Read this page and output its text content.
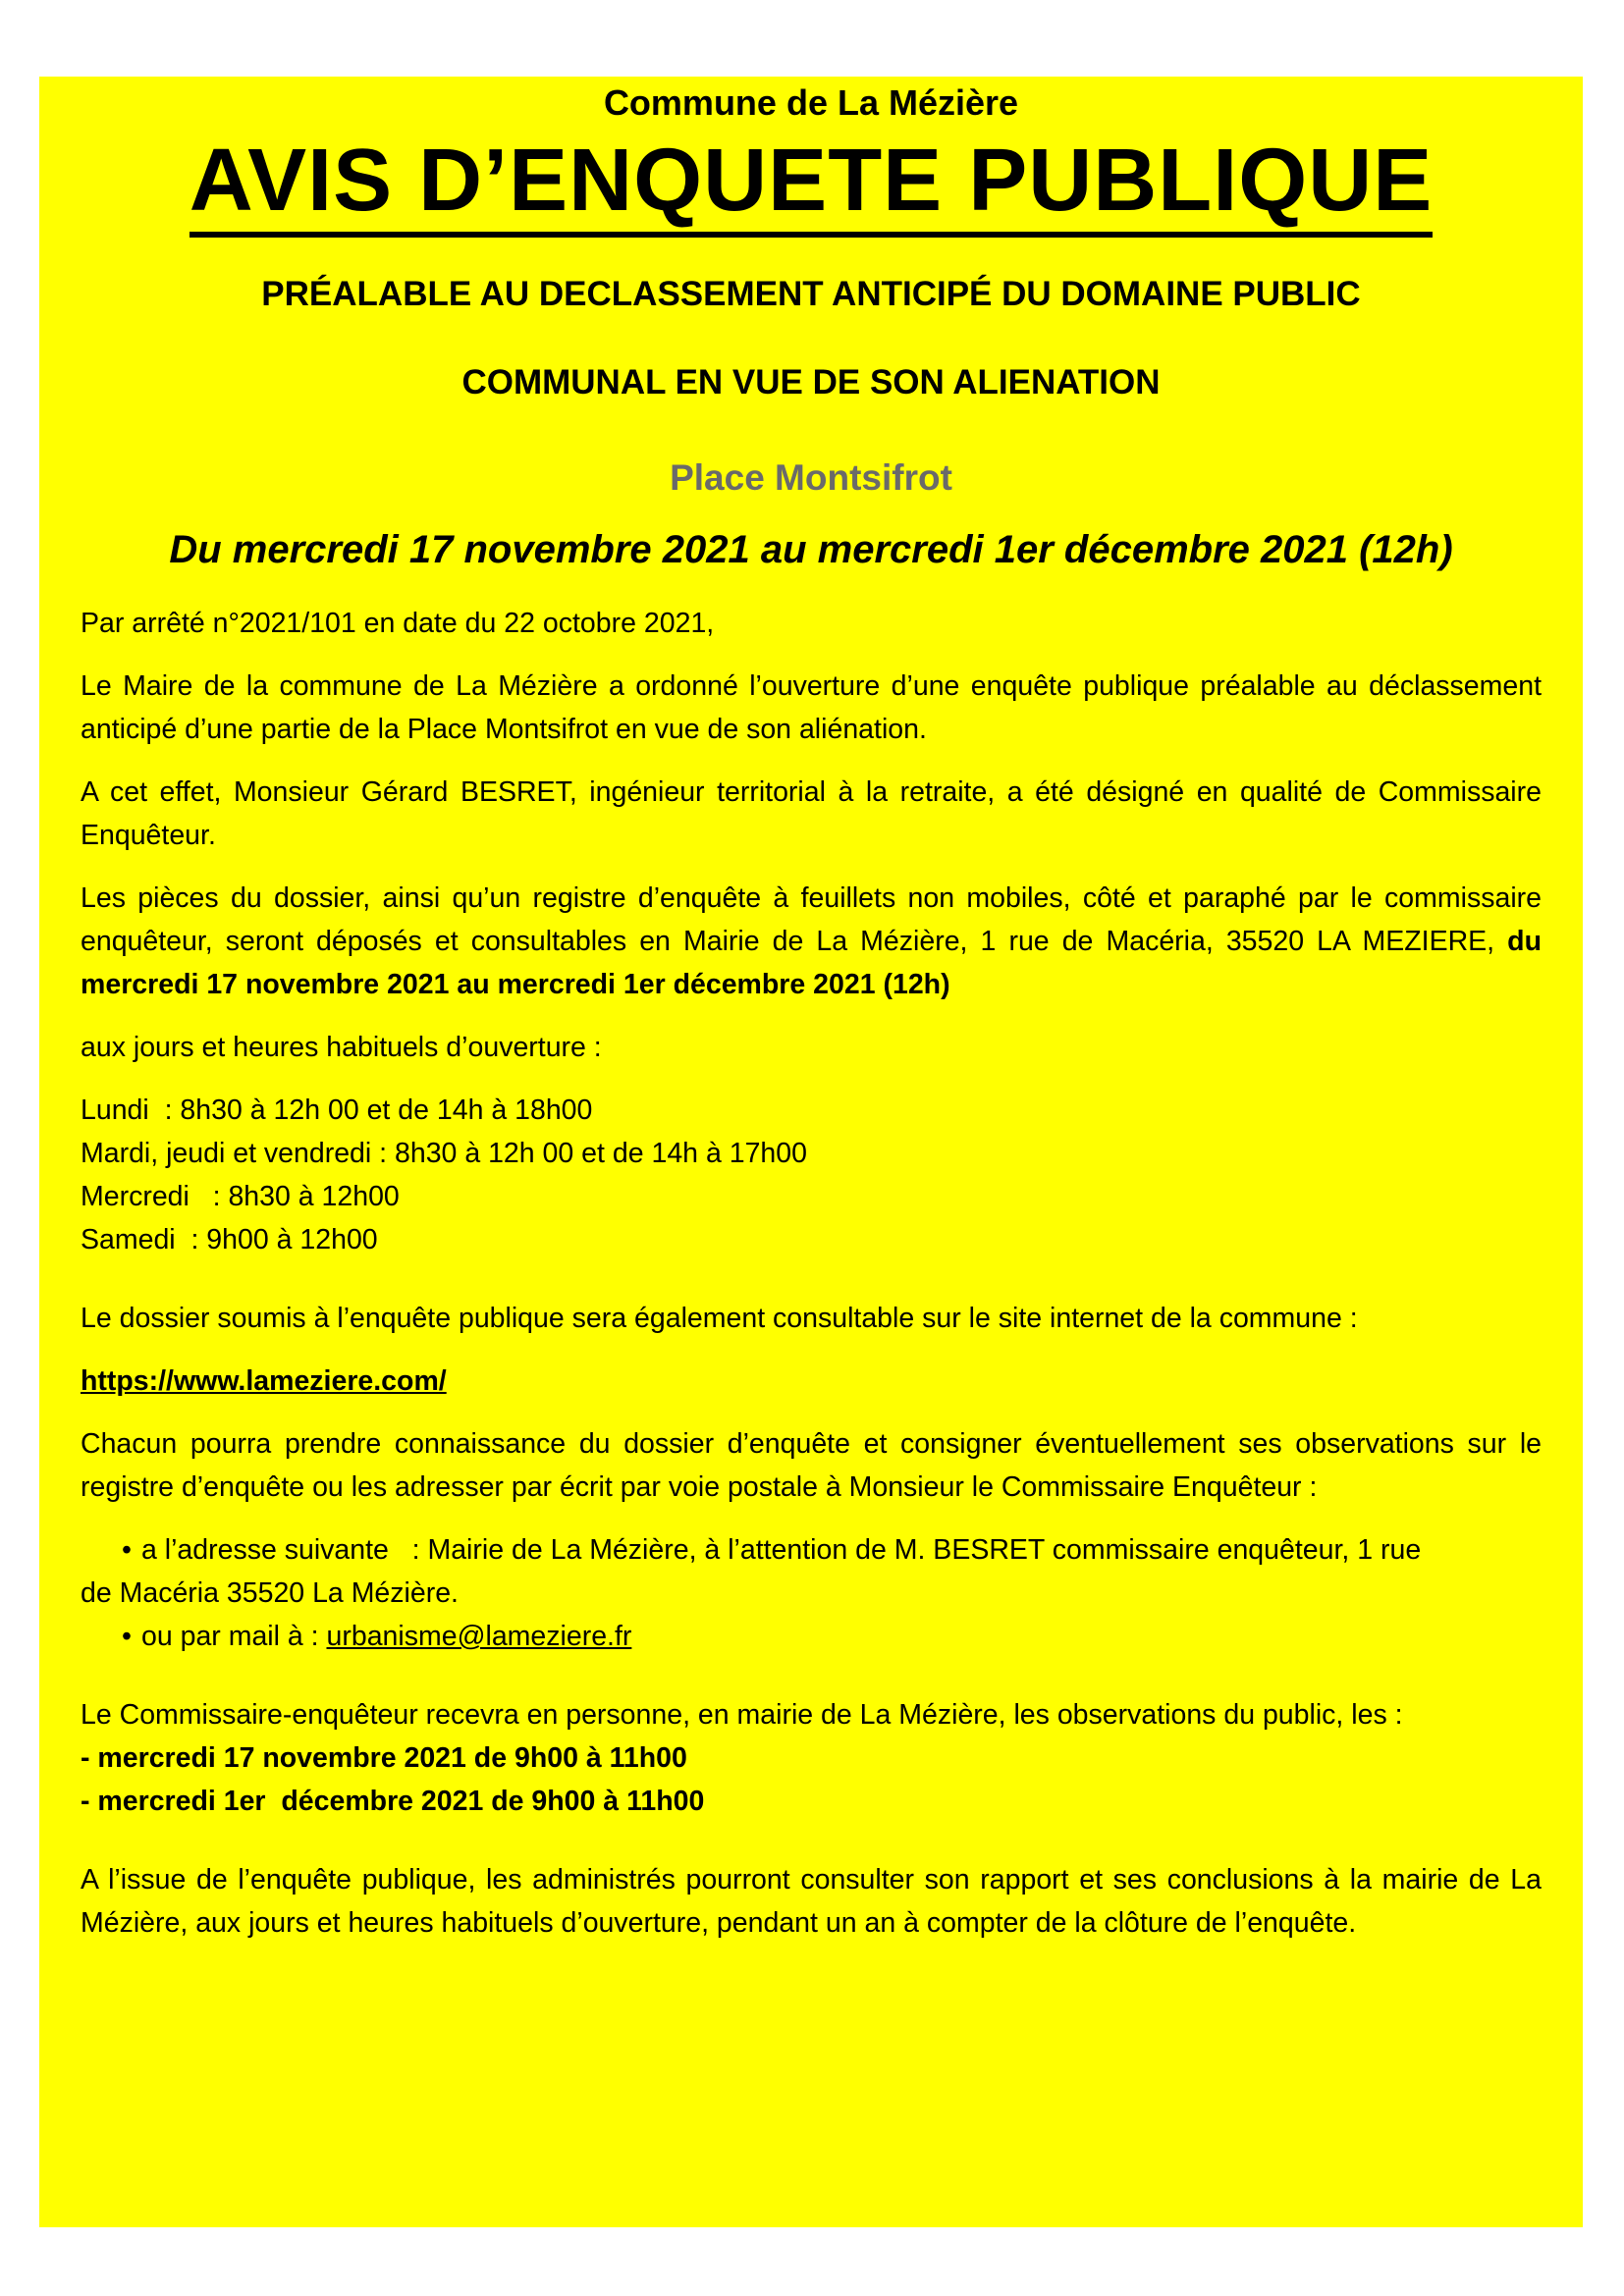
Commune de La Mézière

AVIS D’ENQUETE PUBLIQUE

PRÉALABLE AU DECLASSEMENT ANTICIPÉ DU DOMAINE PUBLIC

COMMUNAL EN VUE DE SON ALIENATION

Place Montsifrot

Du mercredi 17 novembre 2021 au mercredi 1er décembre 2021 (12h)

Par arrêté n°2021/101 en date du 22 octobre 2021,

Le Maire de la commune de La Mézière a ordonné l’ouverture d’une enquête publique préalable au déclassement anticipé d’une partie de la Place Montsifrot en vue de son aliénation.

A cet effet, Monsieur Gérard BESRET, ingénieur territorial à la retraite, a été désigné en qualité de Commissaire Enquêteur.

Les pièces du dossier, ainsi qu’un registre d’enquête à feuillets non mobiles, côté et paraphé par le commissaire enquêteur, seront déposés et consultables en Mairie de La Mézière, 1 rue de Macéria, 35520 LA MEZIERE, du mercredi 17 novembre 2021 au mercredi 1er décembre 2021 (12h)

aux jours et heures habituels d’ouverture :

Lundi  : 8h30 à 12h 00 et de 14h à 18h00

Mardi, jeudi et vendredi : 8h30 à 12h 00 et de 14h à 17h00

Mercredi   : 8h30 à 12h00

Samedi  : 9h00 à 12h00

Le dossier soumis à l’enquête publique sera également consultable sur le site internet de la commune :

https://www.lameziere.com/

Chacun pourra prendre connaissance du dossier d’enquête et consigner éventuellement ses observations sur le registre d’enquête ou les adresser par écrit par voie postale à Monsieur le Commissaire Enquêteur :

• a l’adresse suivante   : Mairie de La Mézière, à l’attention de M. BESRET commissaire enquêteur, 1 rue

de Macéria 35520 La Mézière.

• ou par mail à : urbanisme@lameziere.fr

Le Commissaire-enquêteur recevra en personne, en mairie de La Mézière, les observations du public, les :

- mercredi 17 novembre 2021 de 9h00 à 11h00

- mercredi 1er  décembre 2021 de 9h00 à 11h00

A l’issue de l’enquête publique, les administrés pourront consulter son rapport et ses conclusions à la mairie de La Mézière, aux jours et heures habituels d’ouverture, pendant un an à compter de la clôture de l’enquête.
